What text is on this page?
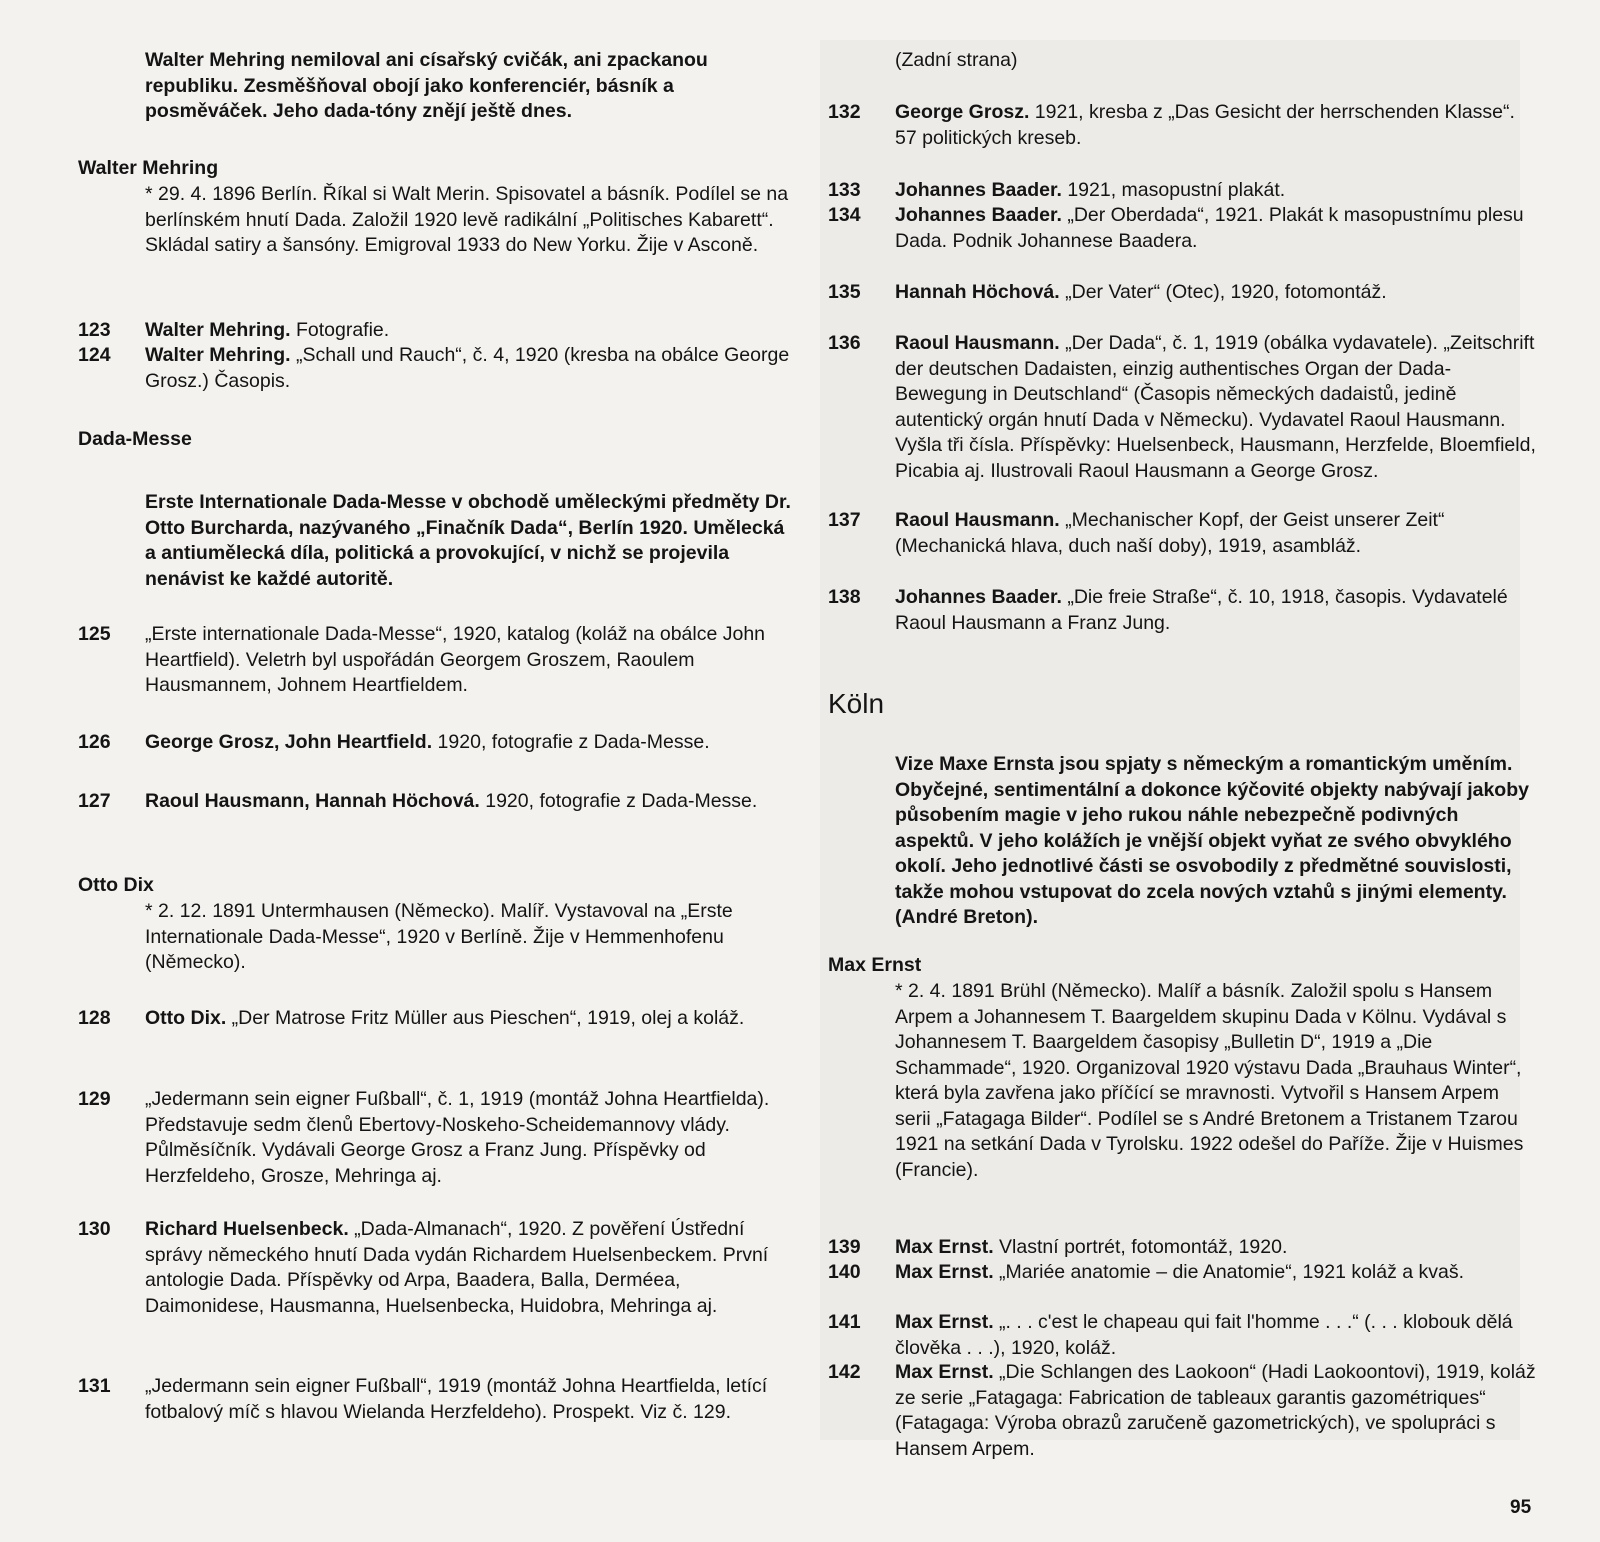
Walter Mehring nemiloval ani císařský cvičák, ani zpackanou republiku. Zesměšňoval obojí jako konferenciér, básník a posměváček. Jeho dada-tóny znějí ještě dnes.
Walter Mehring
* 29. 4. 1896 Berlín. Říkal si Walt Merin. Spisovatel a básník. Podílel se na berlínském hnutí Dada. Založil 1920 levě radikální „Politisches Kabarett“. Skládal satiry a šansóny. Emigroval 1933 do New Yorku. Žije v Asconě.
123	Walter Mehring. Fotografie.
124	Walter Mehring. „Schall und Rauch“, č. 4, 1920 (kresba na obálce George Grosz.) Časopis.
Dada-Messe
Erste Internationale Dada-Messe v obchodě uměleckými předměty Dr. Otto Burcharda, nazývaného „Finačník Dada“, Berlín 1920. Umělecká a antiumělecká díla, politická a provokující, v nichž se projevila nenávist ke každé autoritě.
125	„Erste internationale Dada-Messe“, 1920, katalog (koláž na obálce John Heartfield). Veletrh byl uspořádán Georgem Groszem, Raoulem Hausmannem, Johnem Heartfieldem.
126	George Grosz, John Heartfield. 1920, fotografie z Dada-Messe.
127	Raoul Hausmann, Hannah Höchová. 1920, fotografie z Dada-Messe.
Otto Dix
* 2. 12. 1891 Untermhausen (Německo). Malíř. Vystavoval na „Erste Internationale Dada-Messe“, 1920 v Berlíně. Žije v Hemmenhofenu (Německo).
128	Otto Dix. „Der Matrose Fritz Müller aus Pieschen“, 1919, olej a koláž.
129	„Jedermann sein eigner Fußball“, č. 1, 1919 (montáž Johna Heartfielda). Představuje sedm členů Ebertovy-Noskeho-Scheidemannovy vlády. Půlměsíčník. Vydávali George Grosz a Franz Jung. Příspěvky od Herzfeldeho, Grosze, Mehringa aj.
130	Richard Huelsenbeck. „Dada-Almanach“, 1920. Z pověření Ústřední správy německého hnutí Dada vydán Richardem Huelsenbeckem. První antologie Dada. Příspěvky od Arpa, Baadera, Balla, Derméea, Daimonidese, Hausmanna, Huelsenbecka, Huidobra, Mehringa aj.
131	„Jedermann sein eigner Fußball“, 1919 (montáž Johna Heartfielda, letící fotbalový míč s hlavou Wielanda Herzfeldeho). Prospekt. Viz č. 129.
(Zadní strana)
132	George Grosz. 1921, kresba z „Das Gesicht der herrschenden Klasse“. 57 politických kreseb.
133	Johannes Baader. 1921, masopustní plakát.
134	Johannes Baader. „Der Oberdada“, 1921. Plakát k masopustnímu plesu Dada. Podnik Johannese Baadera.
135	Hannah Höchová. „Der Vater“ (Otec), 1920, fotomontáž.
136	Raoul Hausmann. „Der Dada“, č. 1, 1919 (obálka vydavatele). „Zeitschrift der deutschen Dadaisten, einzig authentisches Organ der Dada-Bewegung in Deutschland“ (Časopis německých dadaistů, jedině autentický orgán hnutí Dada v Německu). Vydavatel Raoul Hausmann. Vyšla tři čísla. Příspěvky: Huelsenbeck, Hausmann, Herzfelde, Bloemfield, Picabia aj. Ilustrovali Raoul Hausmann a George Grosz.
137	Raoul Hausmann. „Mechanischer Kopf, der Geist unserer Zeit“ (Mechanická hlava, duch naší doby), 1919, asambláž.
138	Johannes Baader. „Die freie Straße“, č. 10, 1918, časopis. Vydavatelé Raoul Hausmann a Franz Jung.
Köln
Vize Maxe Ernsta jsou spjaty s německým a romantickým uměním. Obyčejné, sentimentální a dokonce kýčovité objekty nabývají jakoby působením magie v jeho rukou náhle nebezpečně podivných aspektů. V jeho kolážích je vnější objekt vyňat ze svého obvyklého okolí. Jeho jednotlivé části se osvobodily z předmětné souvislosti, takže mohou vstupovat do zcela nových vztahů s jinými elementy. (André Breton).
Max Ernst
* 2. 4. 1891 Brühl (Německo). Malíř a básník. Založil spolu s Hansem Arpem a Johannesem T. Baargeldem skupinu Dada v Kölnu. Vydával s Johannesem T. Baargeldem časopisy „Bulletin D“, 1919 a „Die Schammade“, 1920. Organizoval 1920 výstavu Dada „Brauhaus Winter“, která byla zavřena jako příčící se mravnosti. Vytvořil s Hansem Arpem serii „Fatagaga Bilder“. Podílel se s André Bretonem a Tristanem Tzarou 1921 na setkání Dada v Tyrolsku. 1922 odešel do Paříže. Žije v Huismes (Francie).
139	Max Ernst. Vlastní portrét, fotomontáž, 1920.
140	Max Ernst. „Mariée anatomie – die Anatomie“, 1921 koláž a kvaš.
141	Max Ernst. „. . . c'est le chapeau qui fait l'homme . . .“ (. . . klobouk dělá člověka . . .), 1920, koláž.
142	Max Ernst. „Die Schlangen des Laokoon“ (Hadi Laokoontovi), 1919, koláž ze serie „Fatagaga: Fabrication de tableaux garantis gazométriques“ (Fatagaga: Výroba obrazů zaručeně gazometrických), ve spolupráci s Hansem Arpem.
95
